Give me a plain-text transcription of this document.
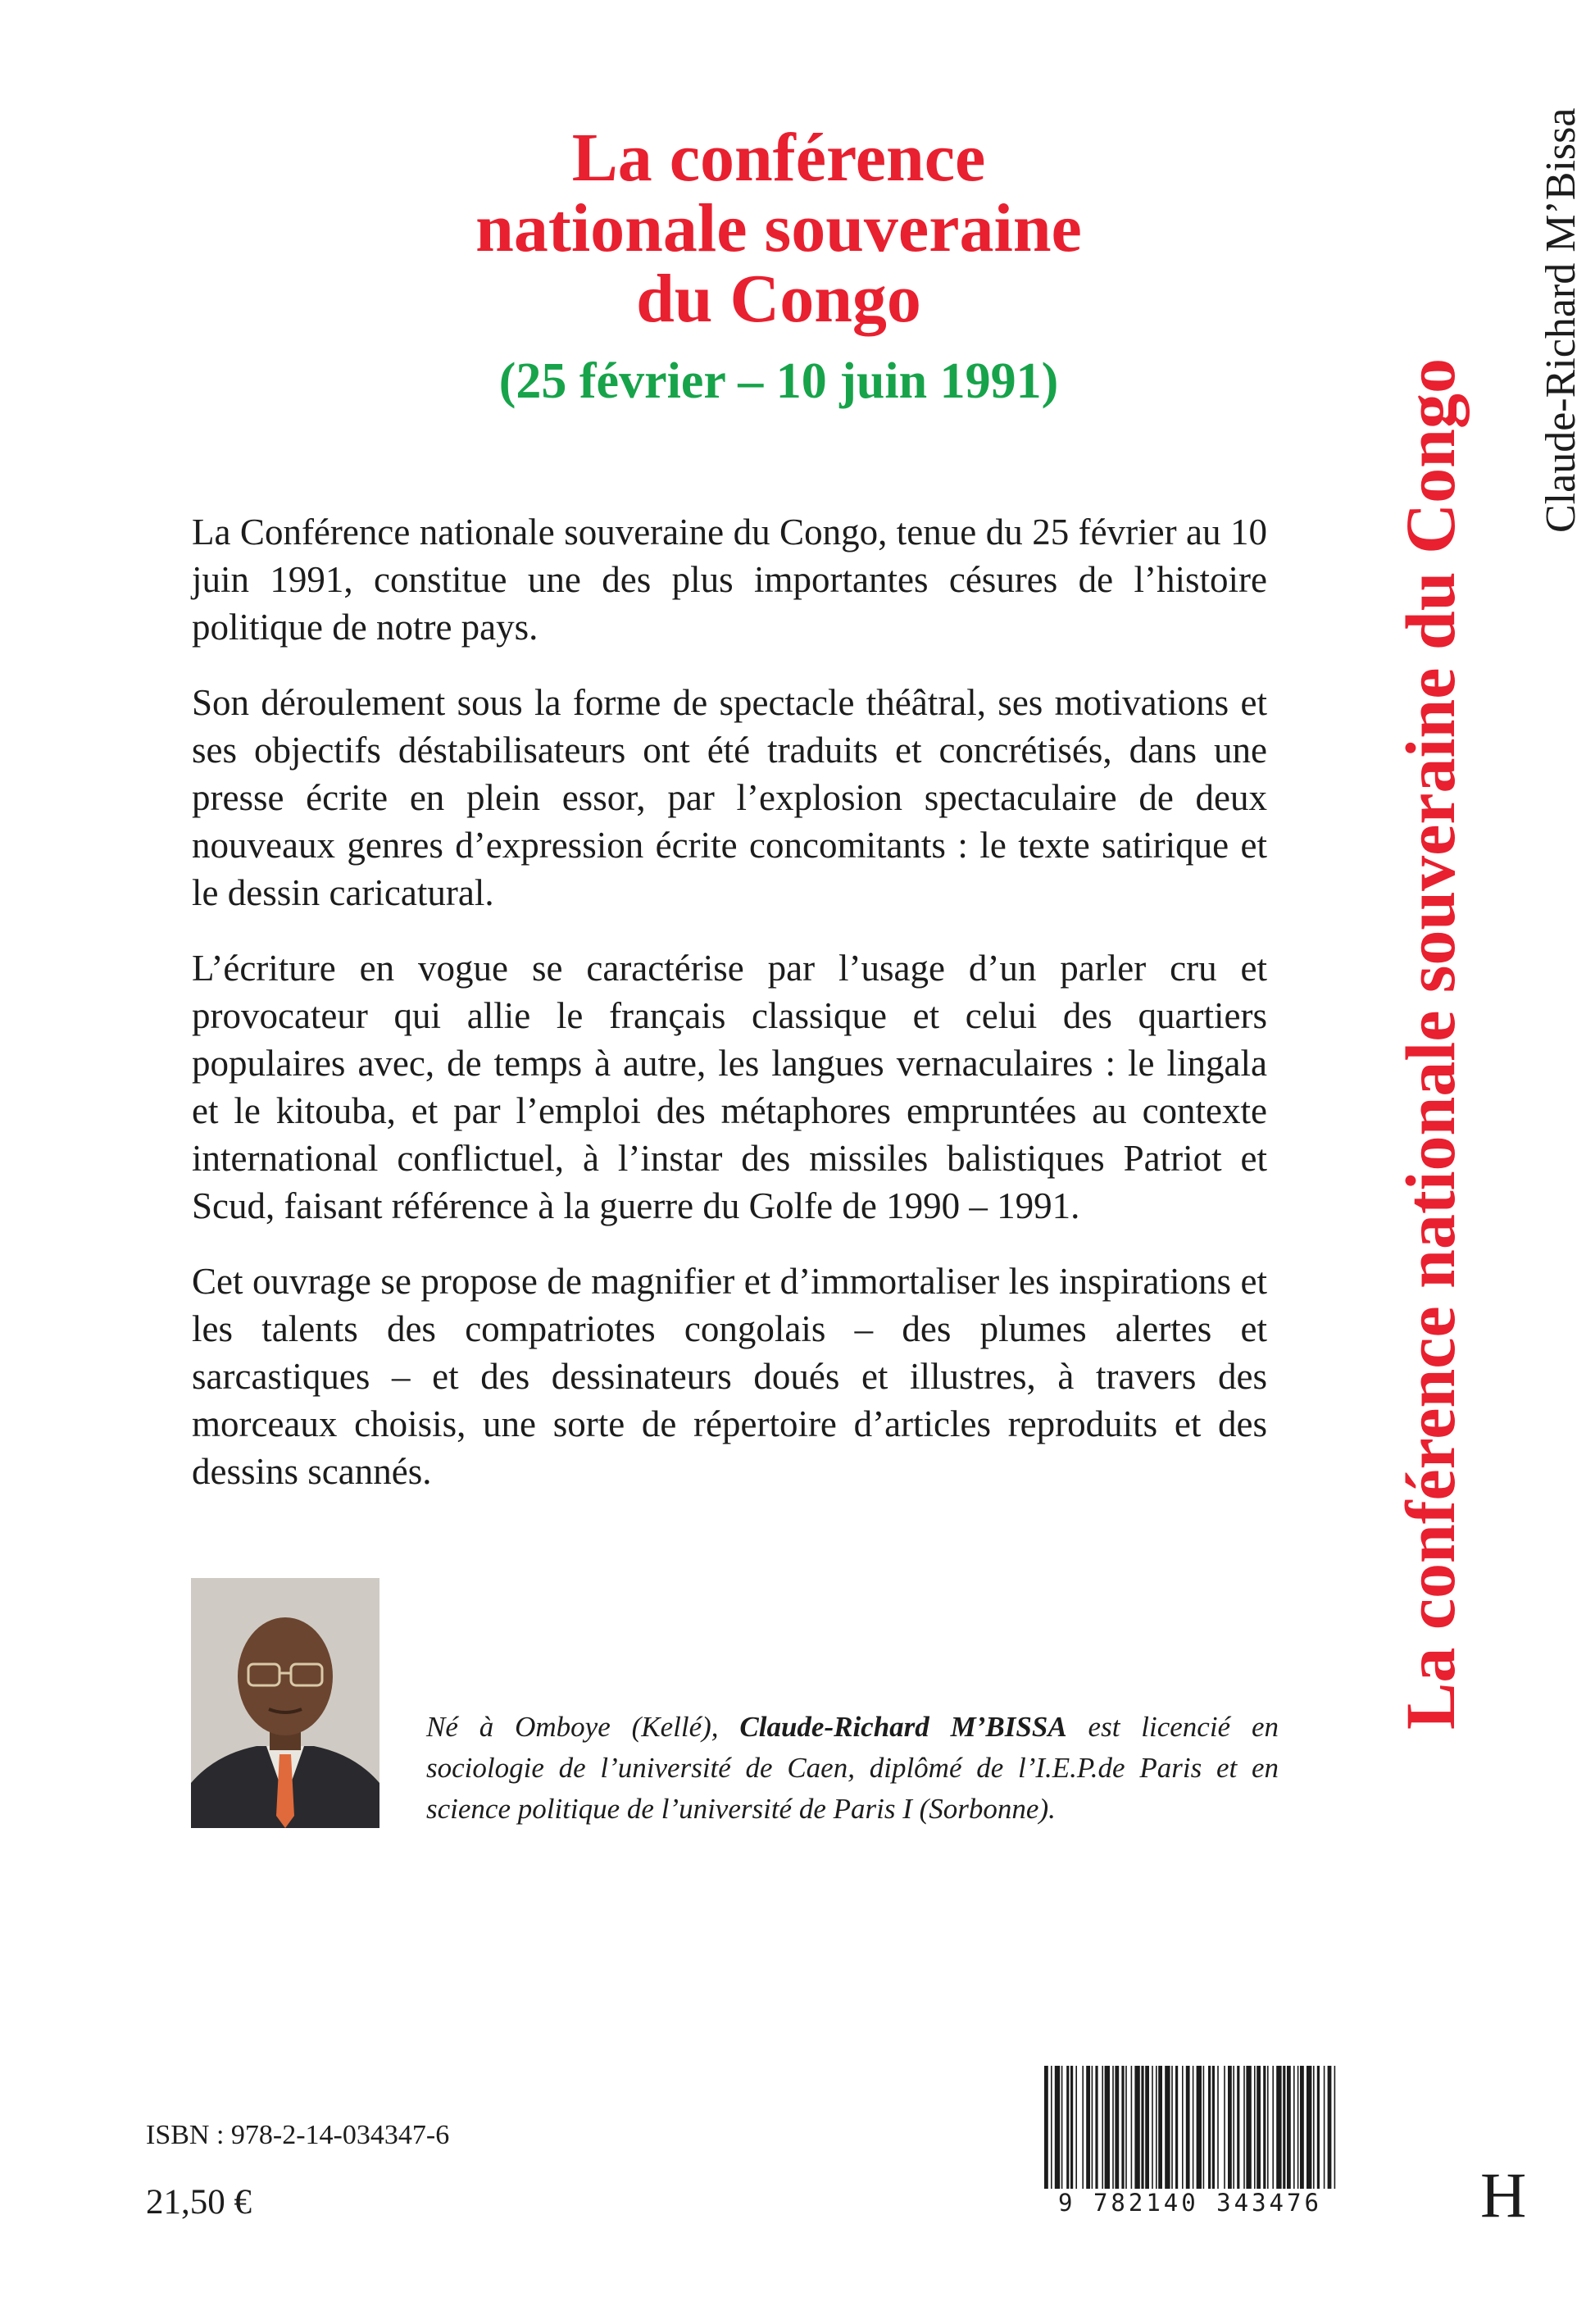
La conférence
nationale souveraine
du Congo

(25 février – 10 juin 1991)

La Conférence nationale souveraine du Congo, tenue du 25 février au 10 juin 1991, constitue une des plus importantes césures de l’histoire politique de notre pays.

Son déroulement sous la forme de spectacle théâtral, ses motivations et ses objectifs déstabilisateurs ont été traduits et concrétisés, dans une presse écrite en plein essor, par l’explosion spectaculaire de deux nouveaux genres d’expression écrite concomitants : le texte satirique et le dessin caricatural.

L’écriture en vogue se caractérise par l’usage d’un parler cru et provocateur qui allie le français classique et celui des quartiers populaires avec, de temps à autre, les langues vernaculaires : le lingala et le kitouba, et par l’emploi des métaphores empruntées au contexte international conflictuel, à l’instar des missiles balistiques Patriot et Scud, faisant référence à la guerre du Golfe de 1990 – 1991.

Cet ouvrage se propose de magnifier et d’immortaliser les inspirations et les talents des compatriotes congolais – des plumes alertes et sarcastiques – et des dessinateurs doués et illustres, à travers des morceaux choisis, une sorte de répertoire d’articles reproduits et des dessins scannés.

Né à Omboye (Kellé), Claude-Richard M’BISSA est licencié en sociologie de l’université de Caen, diplômé de l’I.E.P.de Paris et en science politique de l’université de Paris I (Sorbonne).

ISBN : 978-2-14-034347-6

21,50 €	9 782140 343476

La conférence nationale souveraine du Congo

Claude-Richard M’Bissa

H
